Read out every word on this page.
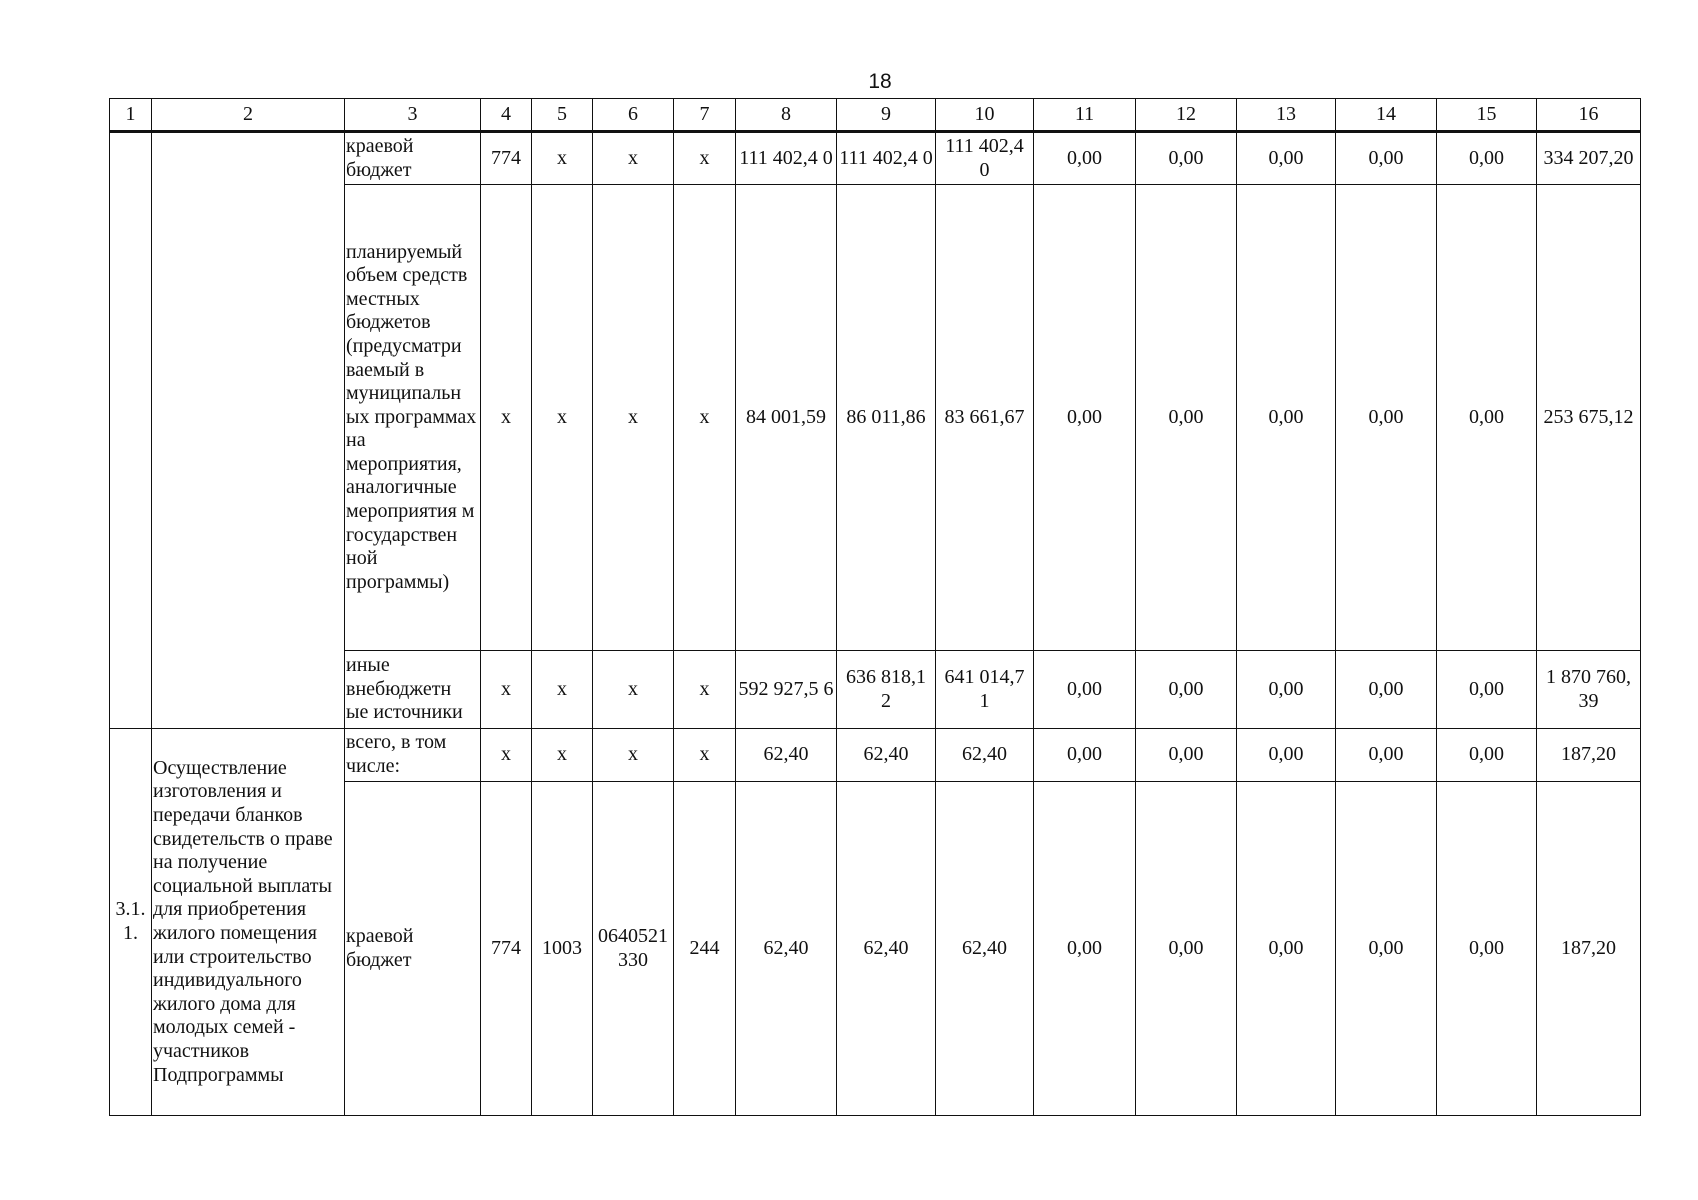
18
1	2	3	4	5	6	7	8	9	10	11	12	13	14	15	16
		краевой бюджет	774	х	х	х	111 402,4 0	111 402,4 0	111 402,4 0	0,00	0,00	0,00	0,00	0,00	334 207,20
		планируемый объем средств местных бюджетов (предусматри ваемый в муниципальн ых программах на мероприятия, аналогичные мероприятия м государствен ной программы)	х	х	х	х	84 001,59	86 011,86	83 661,67	0,00	0,00	0,00	0,00	0,00	253 675,12
		иные внебюджетн ые источники	х	х	х	х	592 927,5 6	636 818,1 2	641 014,7 1	0,00	0,00	0,00	0,00	0,00	1 870 760, 39
3.1. 1.	Осуществление изготовления и передачи бланков свидетельств о праве на получение социальной выплаты для приобретения жилого помещения или строительство индивидуального жилого дома для молодых семей - участников Подпрограммы	всего, в том числе:	х	х	х	х	62,40	62,40	62,40	0,00	0,00	0,00	0,00	0,00	187,20
		краевой бюджет	774	1003	0640521 330	244	62,40	62,40	62,40	0,00	0,00	0,00	0,00	0,00	187,20
